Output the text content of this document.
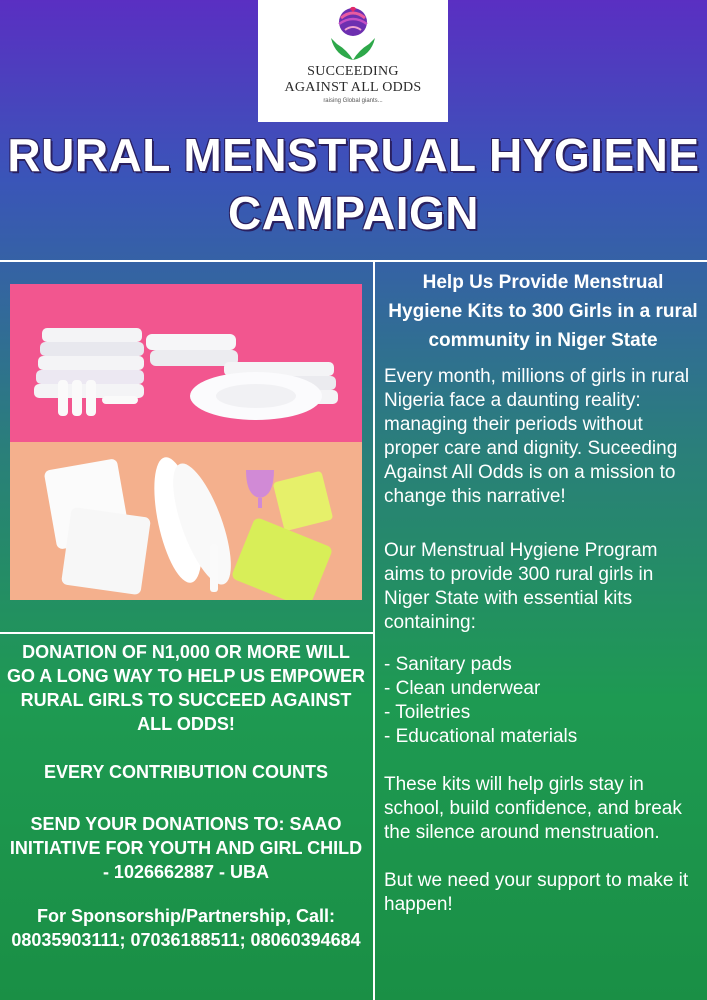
SUCCEEDING
AGAINST ALL ODDS
raising Global giants...
RURAL MENSTRUAL HYGIENE
CAMPAIGN
Help Us Provide Menstrual Hygiene Kits to 300 Girls in a rural community in Niger State
Every month, millions of girls in rural Nigeria face a daunting reality: managing their periods without proper care and dignity. Suceeding Against All Odds is on a mission to change this narrative!
Our Menstrual Hygiene Program aims to provide 300 rural girls in Niger State with essential kits containing:
- Sanitary pads
- Clean underwear
- Toiletries
- Educational materials
These kits will help girls stay in school, build confidence, and break the silence around menstruation.
But we need your support to make it happen!
DONATION OF N1,000 OR MORE WILL GO A LONG WAY TO HELP US EMPOWER RURAL GIRLS TO SUCCEED AGAINST ALL ODDS!
EVERY CONTRIBUTION COUNTS
SEND YOUR DONATIONS TO: SAAO INITIATIVE FOR YOUTH AND GIRL CHILD - 1026662887 - UBA
For Sponsorship/Partnership, Call: 08035903111; 07036188511; 08060394684
